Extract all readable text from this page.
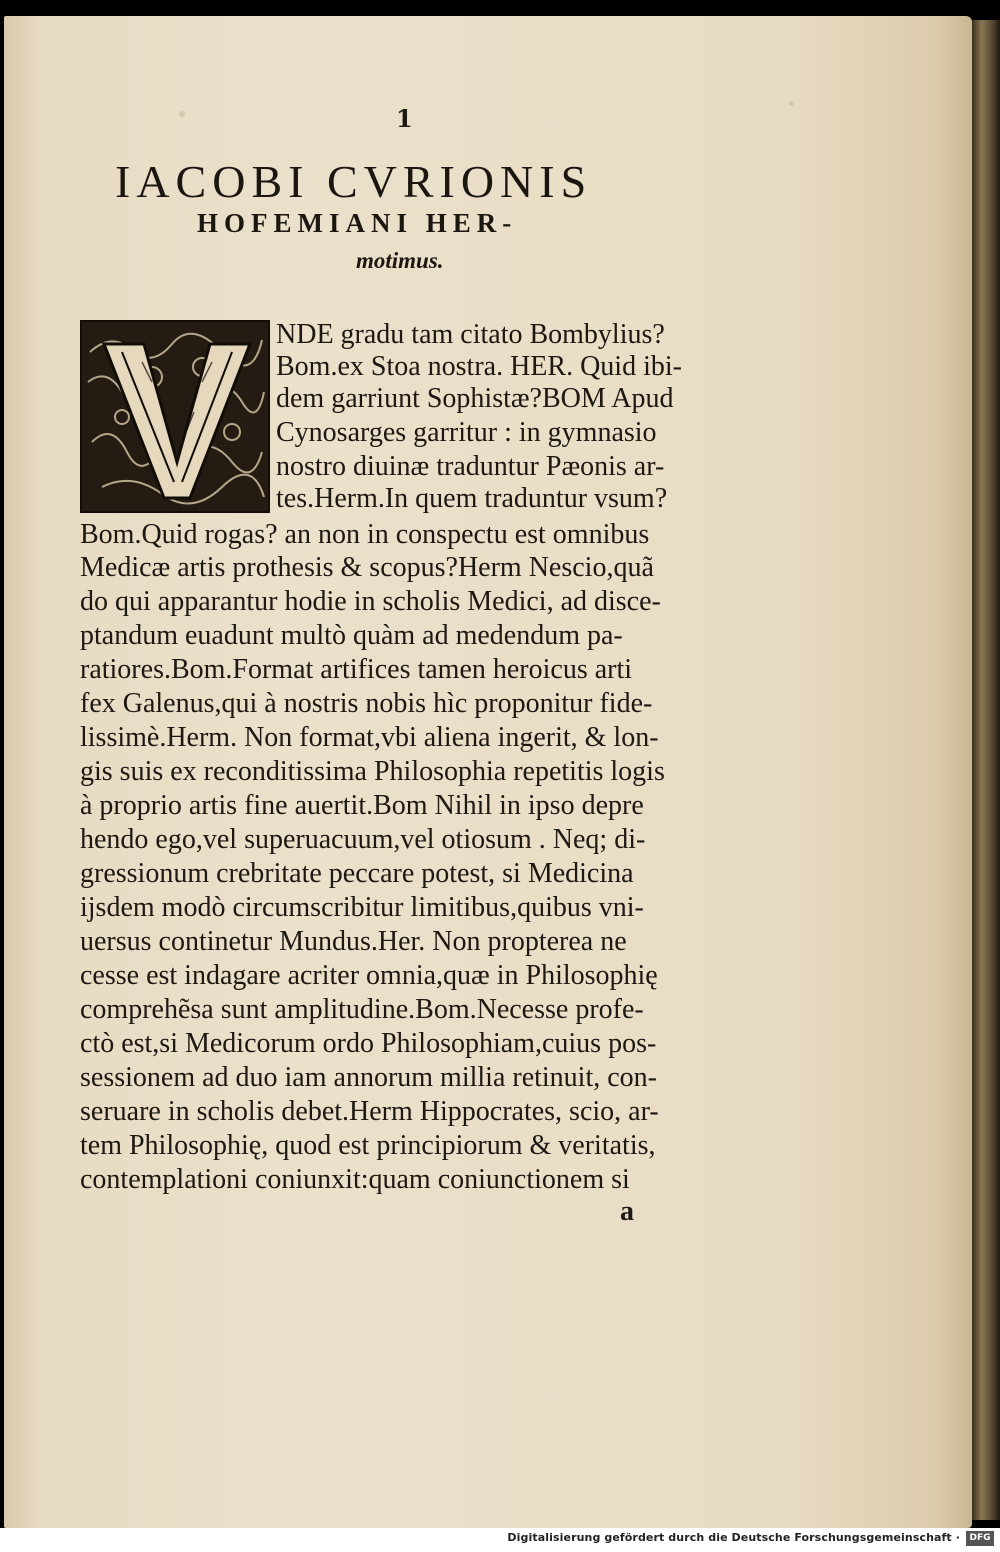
1
IACOBI CVRIONIS
HOFEMIANI HER-
motimus.
NDE gradu tam citato Bombylius?
Bom.ex Stoa nostra. HER. Quid ibi-
dem garriunt Sophistæ?BOM Apud
Cynosarges garritur : in gymnasio
nostro diuinæ traduntur Pæonis ar-
tes.Herm.In quem traduntur vsum?
Bom.Quid rogas? an non in conspectu est omnibus
Medicæ artis prothesis & scopus?Herm Nescio,quã
do qui apparantur hodie in scholis Medici, ad disce-
ptandum euadunt multò quàm ad medendum pa-
ratiores.Bom.Format artifices tamen heroicus arti
fex Galenus,qui à nostris nobis hìc proponitur fide-
lissimè.Herm. Non format,vbi aliena ingerit, & lon-
gis suis ex reconditissima Philosophia repetitis logis
à proprio artis fine auertit.Bom Nihil in ipso depre
hendo ego,vel superuacuum,vel otiosum . Neq; di-
gressionum crebritate peccare potest, si Medicina
ijsdem modò circumscribitur limitibus,quibus vni-
uersus continetur Mundus.Her. Non propterea ne
cesse est indagare acriter omnia,quæ in Philosophię
comprehẽsa sunt amplitudine.Bom.Necesse profe-
ctò est,si Medicorum ordo Philosophiam,cuius pos-
sessionem ad duo iam annorum millia retinuit, con-
seruare in scholis debet.Herm Hippocrates, scio, ar-
tem Philosophię, quod est principiorum & veritatis,
contemplationi coniunxit:quam coniunctionem si
a
Digitalisierung gefördert durch die Deutsche Forschungsgemeinschaft ·	DFG
